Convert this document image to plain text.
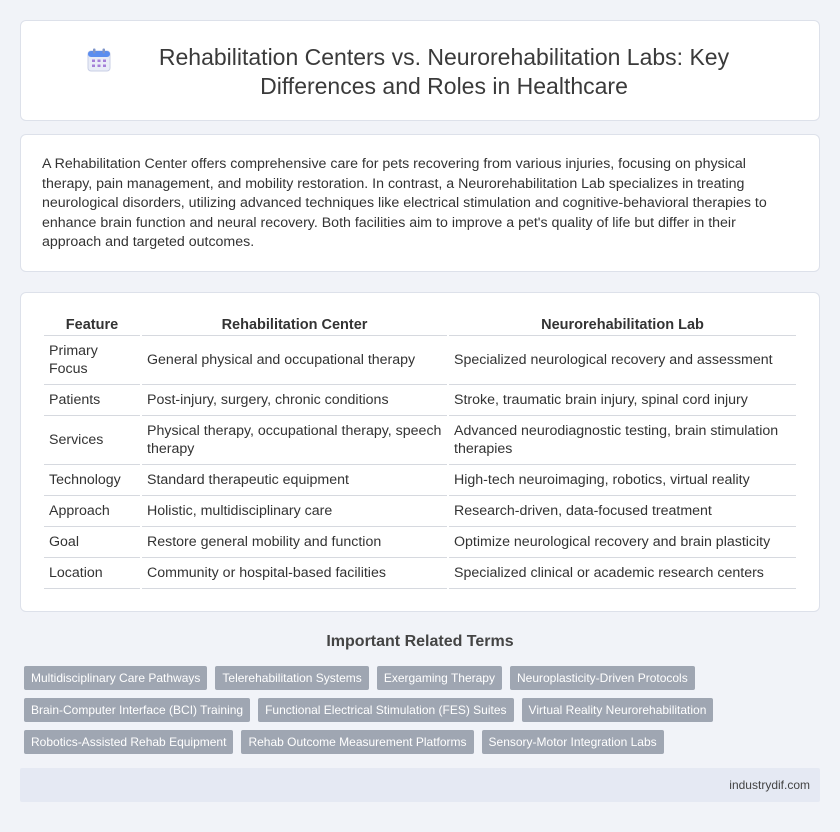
Rehabilitation Centers vs. Neurorehabilitation Labs: Key Differences and Roles in Healthcare

A Rehabilitation Center offers comprehensive care for pets recovering from various injuries, focusing on physical therapy, pain management, and mobility restoration. In contrast, a Neurorehabilitation Lab specializes in treating neurological disorders, utilizing advanced techniques like electrical stimulation and cognitive-behavioral therapies to enhance brain function and neural recovery. Both facilities aim to improve a pet's quality of life but differ in their approach and targeted outcomes.

Feature	Rehabilitation Center	Neurorehabilitation Lab
Primary Focus	General physical and occupational therapy	Specialized neurological recovery and assessment
Patients	Post-injury, surgery, chronic conditions	Stroke, traumatic brain injury, spinal cord injury
Services	Physical therapy, occupational therapy, speech therapy	Advanced neurodiagnostic testing, brain stimulation therapies
Technology	Standard therapeutic equipment	High-tech neuroimaging, robotics, virtual reality
Approach	Holistic, multidisciplinary care	Research-driven, data-focused treatment
Goal	Restore general mobility and function	Optimize neurological recovery and brain plasticity
Location	Community or hospital-based facilities	Specialized clinical or academic research centers
Important Related Terms
Multidisciplinary Care Pathways	Telerehabilitation Systems	Exergaming Therapy	Neuroplasticity-Driven Protocols
Brain-Computer Interface (BCI) Training	Functional Electrical Stimulation (FES) Suites	Virtual Reality Neurorehabilitation
Robotics-Assisted Rehab Equipment	Rehab Outcome Measurement Platforms	Sensory-Motor Integration Labs
industrydif.com
